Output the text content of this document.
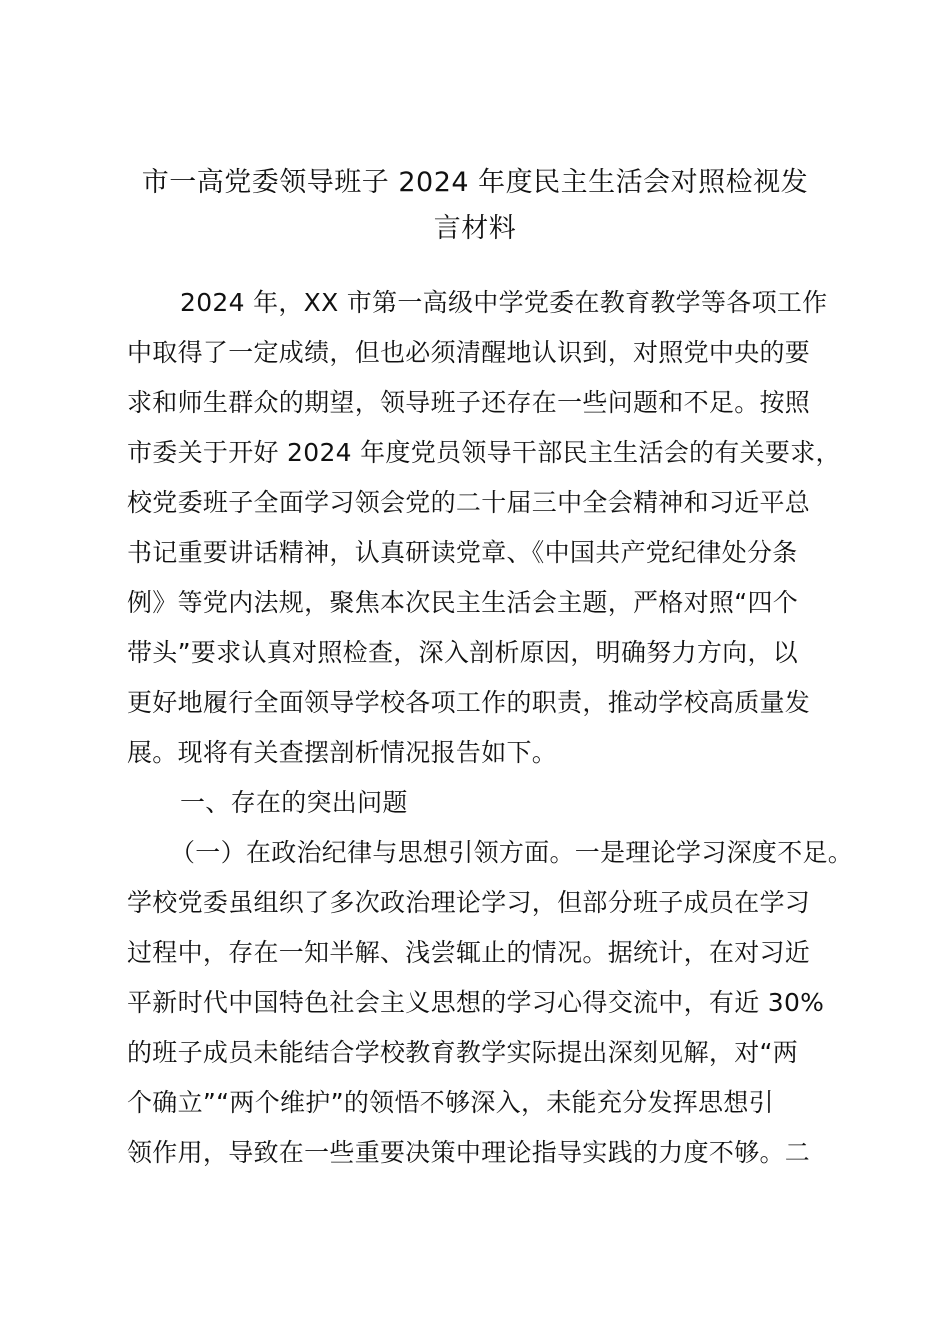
市一高党委领导班子 2024 年度民主生活会对照检视发
言材料
2024 年，XX 市第一高级中学党委在教育教学等各项工作
中取得了一定成绩，但也必须清醒地认识到，对照党中央的要
求和师生群众的期望，领导班子还存在一些问题和不足。按照
市委关于开好 2024 年度党员领导干部民主生活会的有关要求，
校党委班子全面学习领会党的二十届三中全会精神和习近平总
书记重要讲话精神，认真研读党章、《中国共产党纪律处分条
例》等党内法规，聚焦本次民主生活会主题，严格对照“四个
带头”要求认真对照检查，深入剖析原因，明确努力方向，以
更好地履行全面领导学校各项工作的职责，推动学校高质量发
展。现将有关查摆剖析情况报告如下。
一、存在的突出问题
（一）在政治纪律与思想引领方面。一是理论学习深度不足。
学校党委虽组织了多次政治理论学习，但部分班子成员在学习
过程中，存在一知半解、浅尝辄止的情况。据统计，在对习近
平新时代中国特色社会主义思想的学习心得交流中，有近 30%
的班子成员未能结合学校教育教学实际提出深刻见解，对“两
个确立”“两个维护”的领悟不够深入，未能充分发挥思想引
领作用，导致在一些重要决策中理论指导实践的力度不够。二
